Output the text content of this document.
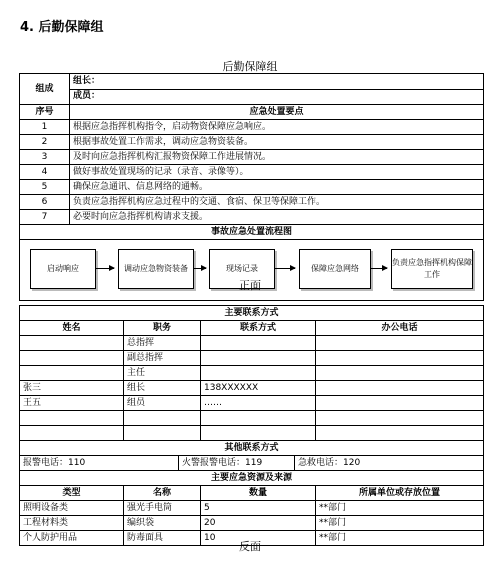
4. 后勤保障组
后勤保障组
组成	组长：
	成员：
序号	应急处置要点
1	根据应急指挥机构指令，启动物资保障应急响应。
2	根据事故处置工作需求，调动应急物资装备。
3	及时向应急指挥机构汇报物资保障工作进展情况。
4	做好事故处置现场的记录（录音、录像等）。
5	确保应急通讯、信息网络的通畅。
6	负责应急指挥机构应急过程中的交通、食宿、保卫等保障工作。
7	必要时向应急指挥机构请求支援。
事故应急处置流程图	

启动响应 调动应急物资装备 现场记录 保障应急网络
负责应急指挥机构保障工作	
正面
主要联系方式					
姓名	职务		联系方式		办公电话
	总指挥				
	副总指挥				
	主任				
张三	组长		138XXXXXX		
王五	组员		……		

其他联系方式					
报警电话：110		火警报警电话：119		急救电话：120	
主要应急资源及来源					
类型	名称		数量		所属单位或存放位置
照明设备类	强光手电筒		5		**部门
工程材料类	编织袋		20		**部门
个人防护用品	防毒面具		10		**部门
反面
